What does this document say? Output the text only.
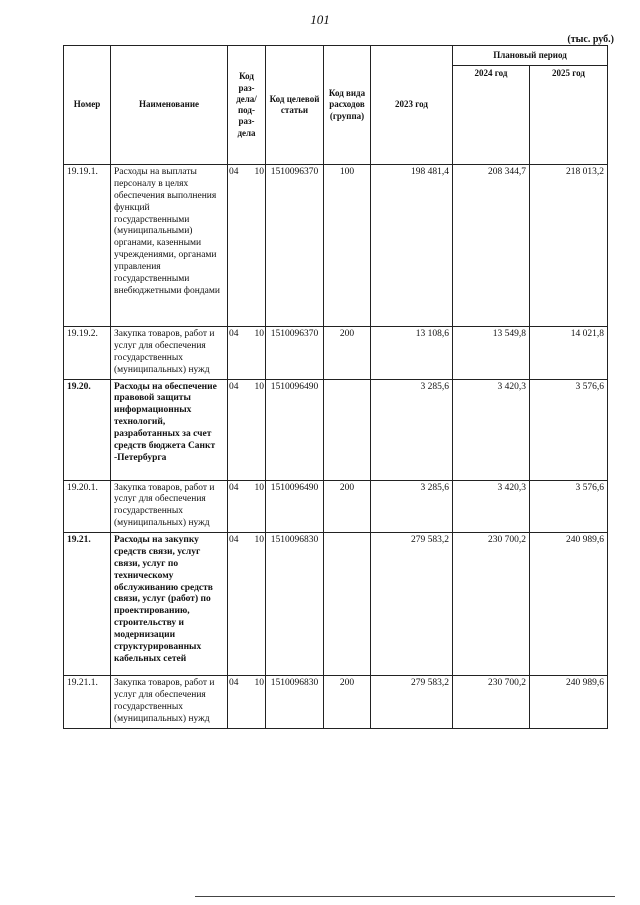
101
(тыс. руб.)
Номер	Наименование	Код раз-дела/ под-раз-дела	Код целевой статьи	Код вида расходов (группа)	2023 год	Плановый период	
						2024 год	2025 год
19.19.1.	Расходы на выплаты персоналу в целях обеспечения выполнения функций государственными (муниципальными) органами, казенными учреждениями, органами управления государственными внебюджетными фондами	04 10	1510096370	100	198 481,4	208 344,7	218 013,2
19.19.2.	Закупка товаров, работ и услуг для обеспечения государственных (муниципальных) нужд	04 10	1510096370	200	13 108,6	13 549,8	14 021,8
19.20.	Расходы на обеспечение правовой защиты информационных технологий, разработанных за счет средств бюджета Санкт -Петербурга	04 10	1510096490		3 285,6	3 420,3	3 576,6
19.20.1.	Закупка товаров, работ и услуг для обеспечения государственных (муниципальных) нужд	04 10	1510096490	200	3 285,6	3 420,3	3 576,6
19.21.	Расходы на закупку средств связи, услуг связи, услуг по техническому обслуживанию средств связи, услуг (работ) по проектированию, строительству и модернизации структурированных кабельных сетей	04 10	1510096830		279 583,2	230 700,2	240 989,6
19.21.1.	Закупка товаров, работ и услуг для обеспечения государственных (муниципальных) нужд	04 10	1510096830	200	279 583,2	230 700,2	240 989,6
